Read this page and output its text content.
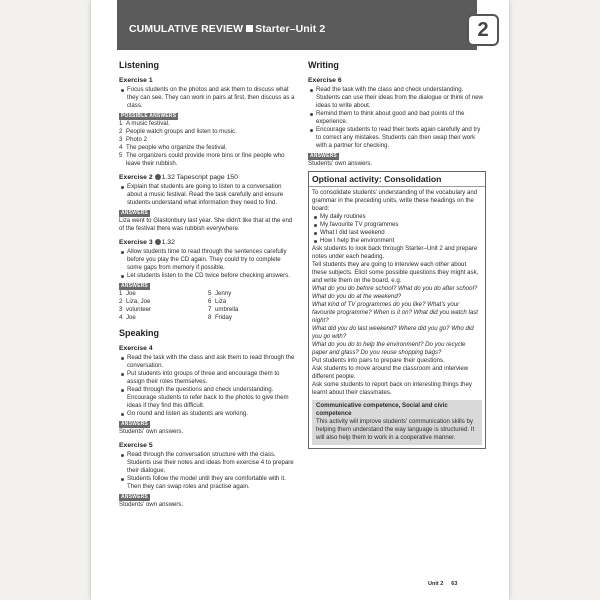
CUMULATIVE REVIEW Starter–Unit 2	2
Listening
Exercise 1
Focus students on the photos and ask them to discuss what they can see. They can work in pairs at first, then discuss as a class.
POSSIBLE ANSWERS
1 A music festival.
2 People watch groups and listen to music.
3 Photo 2
4 The people who organize the festival.
5 The organizers could provide more bins or fine people who leave their rubbish.
Exercise 2 1.32 Tapescript page 150
Explain that students are going to listen to a conversation about a music festival. Read the task carefully and ensure students understand what information they need to find.
ANSWERS

Liza went to Glastonbury last year. She didn't like that at the end of the festival there was rubbish everywhere.

Exercise 3 1.32
Allow students time to read through the sentences carefully before you play the CD again. They could try to complete some gaps from memory if possible.
Let students listen to the CD twice before checking answers.
ANSWERS
1 Joe	5 Jenny
2 Liza, Joe	6 Liza
3 volunteer	7 umbrella
4 Joe	8 Friday
Speaking
Exercise 4
Read the task with the class and ask them to read through the conversation.
Put students into groups of three and encourage them to assign their roles themselves.
Read through the questions and check understanding. Encourage students to refer back to the photos to give them ideas if they find this difficult.
Go round and listen as students are working.
ANSWERS

Students' own answers.

Exercise 5
Read through the conversation structure with the class. Students use their notes and ideas from exercise 4 to prepare their dialogue.
Students follow the model until they are comfortable with it. Then they can swap roles and practise again.
ANSWERS

Students' own answers.

Writing
Exercise 6
Read the task with the class and check understanding. Students can use their ideas from the dialogue or think of new ideas to write about.
Remind them to think about good and bad points of the experience.
Encourage students to read their texts again carefully and try to correct any mistakes. Students can then swap their work with a partner for checking.
ANSWERS

Students' own answers.

Optional activity: Consolidation

To consolidate students' understanding of the vocabulary and grammar in the preceding units, write these headings on the board:

My daily routines
My favourite TV programmes
What I did last weekend
How I help the environment

Ask students to look back through Starter–Unit 2 and prepare notes under each heading.

Tell students they are going to interview each other about these subjects. Elicit some possible questions they might ask, and write them on the board, e.g.

What do you do before school? What do you do after school? What do you do at the weekend?

What kind of TV programmes do you like? What's your favourite programme? When is it on? What did you watch last night?

What did you do last weekend? Where did you go? Who did you go with?

What do you do to help the environment? Do you recycle paper and glass? Do you reuse shopping bags?

Put students into pairs to prepare their questions.

Ask students to move around the classroom and interview different people.

Ask some students to report back on interesting things they learnt about their classmates.

Communicative competence, Social and civic competence

This activity will improve students' communication skills by helping them understand the way language is structured. It will also help them to work in a cooperative manner.

Unit 2 63
